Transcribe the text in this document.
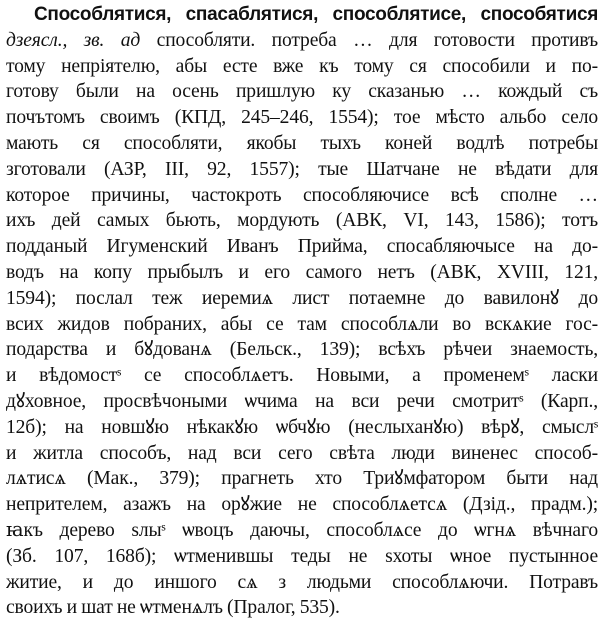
Способлятися, спасаблятися, способлятисе, способятися
дзеясл., зв. ад способляти. потреба … для готовости противъ
тому непріятелю, абы есте вже къ тому ся способили и по-
готову были на осень пришлую ку сказанью … кождый съ
почътомъ своимъ (КПД, 245–246, 1554); тое мѣсто альбо село
мають ся способляти, якобы тыхъ коней водлѣ потребы
зготовали (АЗР, III, 92, 1557); тые Шатчане не вѣдати для
которое причины, частокроть способляючисе всѣ сполне …
ихъ дей самых бьють, мордують (АВК, VI, 143, 1586); тотъ
подданый Игуменский Иванъ Прийма, спосабляючысе на до-
водъ на копу прыбылъ и его самого нетъ (АВК, XVIII, 121,
1594); послал теж иеремиѧ лист потаемне до вавилонꙋ до
всих жидов побраних, абы се там способлѧли во вскѧкие гос-
подарства и бꙋдованѧ (Бельск., 139); всѣхъ рѣчеи знаемость,
и вѣдомостˢ се способлѧетъ. Новыми, а променемˢ ласки
дꙋховное, просвѣчоными ѡчима на вси речи смотритˢ (Карп.,
12б); на новшꙋю нѣкакꙋю ѡбчꙋю (неслыханꙋю) вѣрꙋ, смыслˢ
и житла способъ, над вси сего свѣта люди виненес способ-
лѧтисѧ (Мак., 379); прагнеть хто Триꙋмфатором быти над
непрителем, азажъ на орꙋжие не способлѧетсѧ (Дзід., прадм.);
ꙗкъ дерево ѕлыˢ ѡвоцъ даючы, способлѧсе до ѡгнѧ вѣчнаго
(Зб. 107, 168б); ѡтменившы теды не ѕхоты ѡное пустынное
житие, и до иншого сѧ з людьми способлѧючи. Потравъ
своихъ и шат не ѡтменѧлъ (Пралог, 535).
